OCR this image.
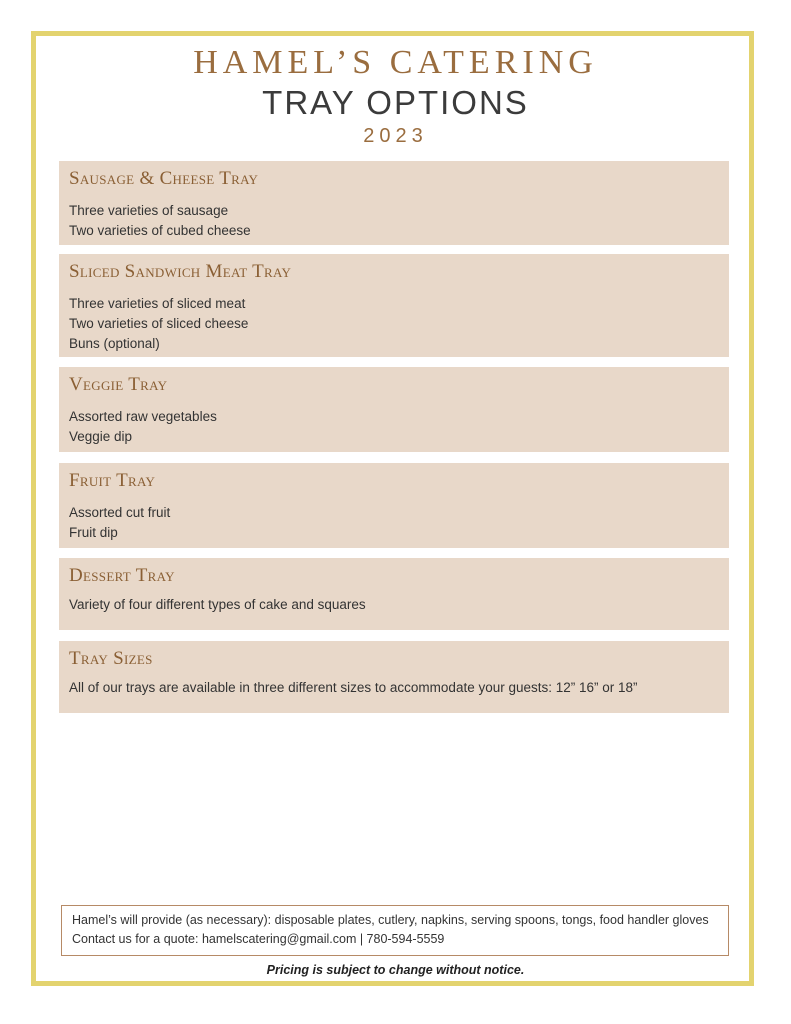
HAMEL’S CATERING
TRAY OPTIONS
2023
Sausage & Cheese Tray
Three varieties of sausage
Two varieties of cubed cheese
Sliced Sandwich Meat Tray
Three varieties of sliced meat
Two varieties of sliced cheese
Buns (optional)
Veggie Tray
Assorted raw vegetables
Veggie dip
Fruit Tray
Assorted cut fruit
Fruit dip
Dessert Tray
Variety of four different types of cake and squares
Tray Sizes
All of our trays are available in three different sizes to accommodate your guests: 12” 16” or 18”
Hamel’s will provide (as necessary): disposable plates, cutlery, napkins, serving spoons, tongs, food handler gloves
Contact us for a quote: hamelscatering@gmail.com | 780-594-5559
Pricing is subject to change without notice.
